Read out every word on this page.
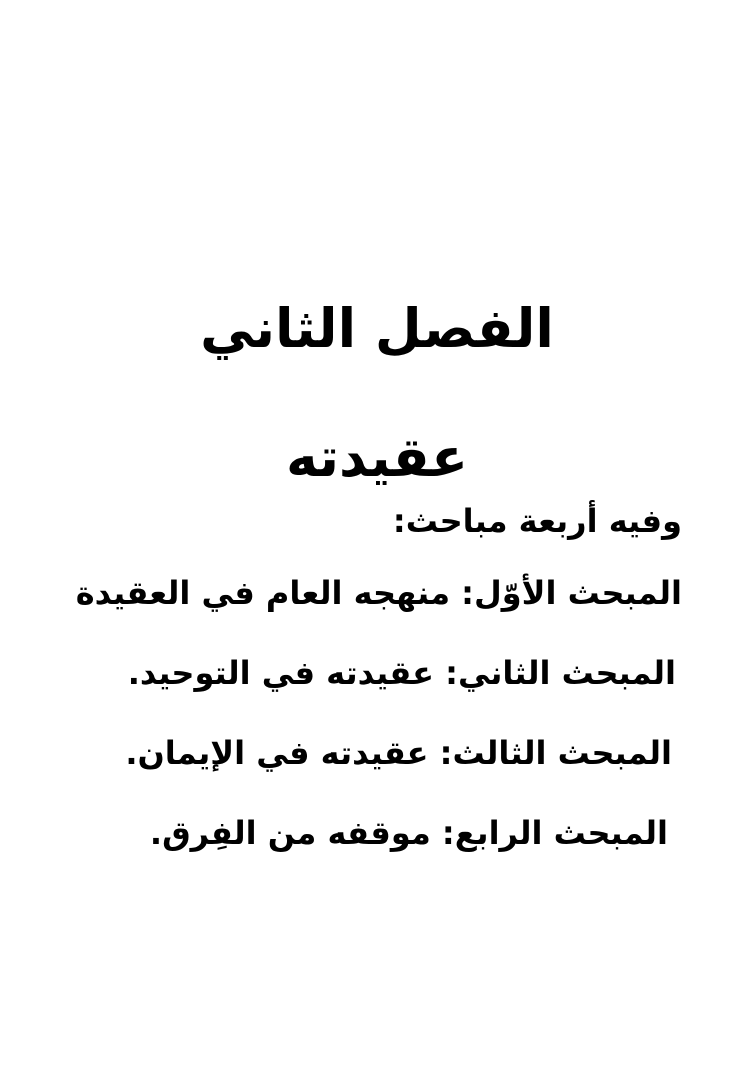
الفصل الثاني
عقيدته

وفيه أربعة مباحث:

المبحث الأوّل: منهجه العام في العقيدة
المبحث الثاني: عقيدته في التوحيد.
المبحث الثالث: عقيدته في الإيمان.
المبحث الرابع: موقفه من الفِرق.
